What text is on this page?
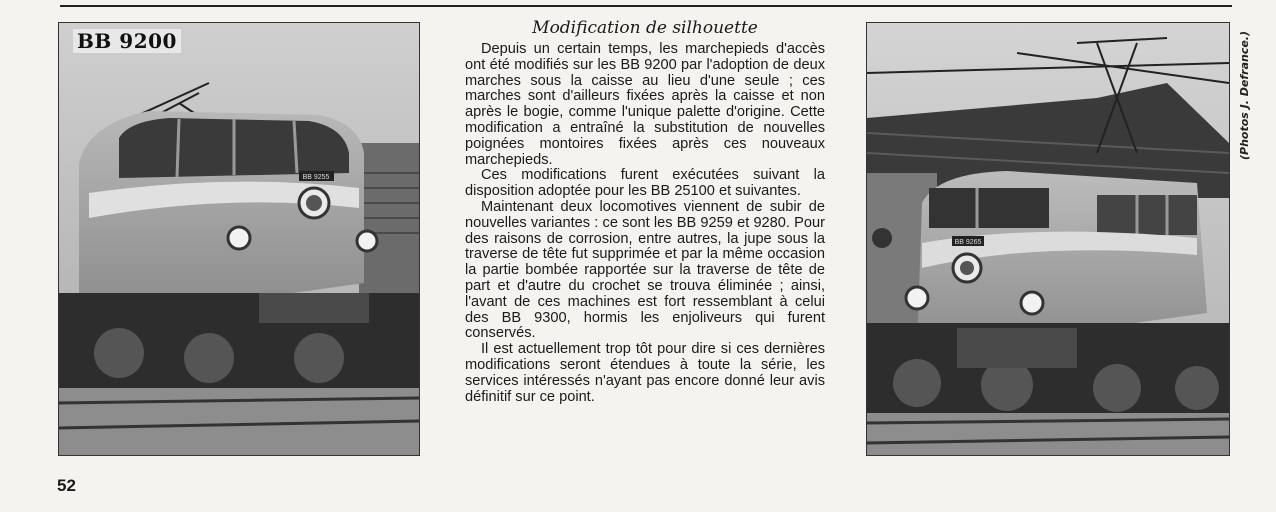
BB 9255
BB 9200
Modification de silhouette

Depuis un certain temps, les marchepieds d'accès ont été modifiés sur les BB 9200 par l'adoption de deux marches sous la caisse au lieu d'une seule ; ces marches sont d'ailleurs fixées après la caisse et non après le bogie, comme l'unique palette d'origine. Cette modification a entraîné la substitution de nouvelles poignées montoires fixées après ces nouveaux marchepieds.

Ces modifications furent exécutées suivant la disposition adoptée pour les BB 25100 et suivantes.

Maintenant deux locomotives viennent de subir de nouvelles variantes : ce sont les BB 9259 et 9280. Pour des raisons de corrosion, entre autres, la jupe sous la traverse de tête fut supprimée et par la même occasion la partie bombée rapportée sur la traverse de tête de part et d'autre du crochet se trouva éliminée ; ainsi, l'avant de ces machines est fort ressemblant à celui des BB 9300, hormis les enjoliveurs qui furent conservés.

Il est actuellement trop tôt pour dire si ces dernières modifications seront étendues à toute la série, les services intéressés n'ayant pas encore donné leur avis définitif sur ce point.

BB 9265
(Photos J. Defrance.)
52
